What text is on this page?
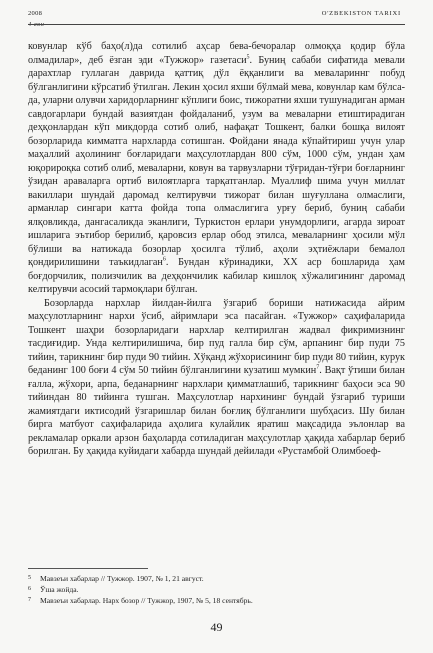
2008
4-сон
O'ZBEKISTON TARIXI

ковунлар кўб баҳо(л)да сотилиб аҳсар бева-бечоралар олмоқҳа қодир бўла олмадилар», деб ёзган эди «Тужжор» газетаси$^5$. Буниң сабаби сифатида мевали дарахтлар гуллаган даврида қаттиқ дўл ёққанлиги ва мевалариннг побуд бўлганлигини кўрсатиб ўтилган. Лекин ҳосил яхши бўлмай мева, ковунлар кам бўлса-да, уларни олувчи харидорларнинг кўплиги боис, тижоратни яхши тушунадиган арман савдогарлари бундай вазиятдан фойдаланиб, узум ва меваларни етиштирадиган деҳқонлардан кўп микдорда сотиб олиб, нафақат Тошкент, балки бошқа вилоят бозорларида кимматга нархларда сотишган. Фойдани янада кўпайтириш учун улар маҳаллий аҳолининг боғларидаги маҳсулотлардан 800 сўм, 1000 сўм, ундан ҳам юқорироқка сотиб олиб, меваларни, ковун ва тарвузларни тўғридан-тўғри боғларнинг ўзидан араваларга ортиб вилоятларга тарқатганлар. Муаллиф шима учун миллат вакиллари шундай даромад келтирувчи тижорат билан шуғуллана олмаслиги, арманлар сингари катта фойда топа олмаслигига урғу бериб, буниң сабаби ялқовликда, дангасаликда эканлиги, Туркистон ерлари унумдорлиги, агарда зироат ишларига эътибор берилиб, қаровсиз ерлар обод этилса, меваларнинг ҳосили мўл бўлиши ва натижада бозорлар ҳосилга тўлиб, аҳоли эҳтиёжлари бемалол қондирилишини таъкидлаган$^6$. Бундан кўринадики, ХХ аср бошларида ҳам боғдорчилик, полизчилик ва деҳқончилик кабилар кишлоқ хўжалигининг даромад келтирувчи асосий тармоқлари бўлган.

Бозорларда нархлар йилдан-йилга ўзгариб бориши натижасида айрим маҳсулотларнинг нархи ўсиб, айримлари эса пасайган. «Тужжор» саҳифаларида Тошкент шаҳри бозорларидаги нархлар келтирилган жадвал фикримизнинг тасдиғидир. Унда келтирилишича, бир пуд галла бир сўм, арпанинг бир пуди 75 тийин, тарикнинг бир пуди 90 тийин. Хўқанд жўхорисининг бир пуди 80 тийин, курук беданинг 100 боғи 4 сўм 50 тийин бўлганлигини кузатиш мумкин$^7$. Вақт ўтиши билан ғалла, жўхори, арпа, беданарнинг нархлари қимматлашиб, тарикнинг баҳоси эса 90 тийиндан 80 тийинга тушган. Маҳсулотлар нархининг бундай ўзгариб туриши жамиятдаги иктисодий ўзгаришлар билан боғлиқ бўлганлиги шубҳасиз. Шу билан бирга матбуот саҳифаларида аҳолига кулайлик яратиш мақсадида эълонлар ва рекламалар оркали арзон баҳоларда сотиладиган маҳсулотлар ҳақида хабарлар бериб борилган. Бу ҳақида куйидаги хабарда шундай дейилади «Рустамбой Олимбоеф-

5	Мавзеъи хабарлар // Тужжор. 1907, № 1, 21 август.
6	Ўша жойда.
7	Мавзеъи хабарлар. Нарх бозор // Тужжор, 1907, № 5, 18 сентябрь.
49
